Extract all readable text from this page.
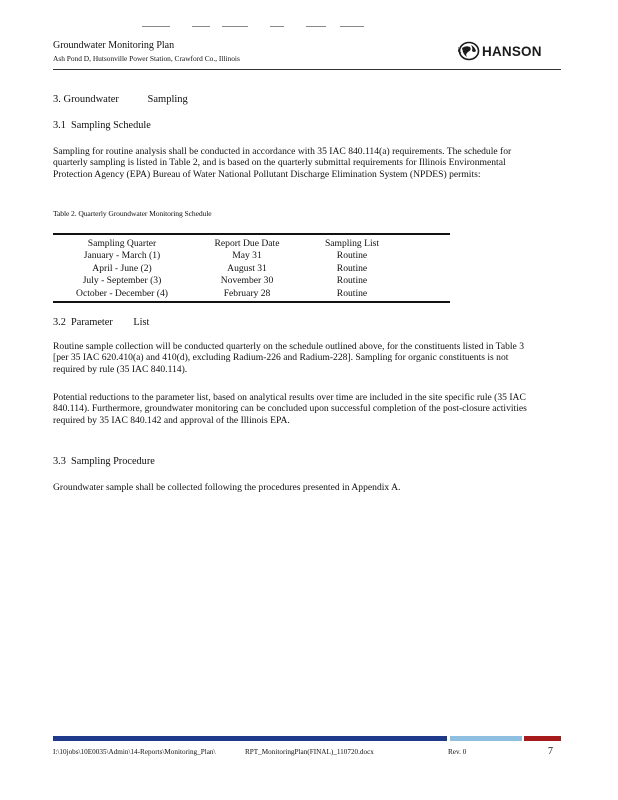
Groundwater Monitoring Plan
Ash Pond D, Hutsonville Power Station, Crawford Co., Illinois	HANSON
3. Groundwater	Sampling
3.1 Sampling Schedule
Sampling for routine analysis shall be conducted in accordance with 35 IAC 840.114(a) requirements. The schedule for quarterly sampling is listed in Table 2, and is based on the quarterly submittal requirements for Illinois Environmental Protection Agency (EPA) Bureau of Water National Pollutant Discharge Elimination System (NPDES) permits:
Table 2. Quarterly Groundwater Monitoring Schedule
Sampling Quarter	Report Due Date	Sampling List
January - March (1)	May 31	Routine
April - June (2)	August 31	Routine
July - September (3)	November 30	Routine
October - December (4)	February 28	Routine
3.2 Parameter List
Routine sample collection will be conducted quarterly on the schedule outlined above, for the constituents listed in Table 3 [per 35 IAC 620.410(a) and 410(d), excluding Radium-226 and Radium-228]. Sampling for organic constituents is not required by rule (35 IAC 840.114).
Potential reductions to the parameter list, based on analytical results over time are included in the site specific rule (35 IAC 840.114). Furthermore, groundwater monitoring can be concluded upon successful completion of the post-closure activities required by 35 IAC 840.142 and approval of the Illinois EPA.
3.3 Sampling Procedure
Groundwater sample shall be collected following the procedures presented in Appendix A.
I:\10jobs\10E0035\Admin\14-Reports\Monitoring_Plan\	RPT_MonitoringPlan(FINAL)_110720.docx	Rev. 0	7
